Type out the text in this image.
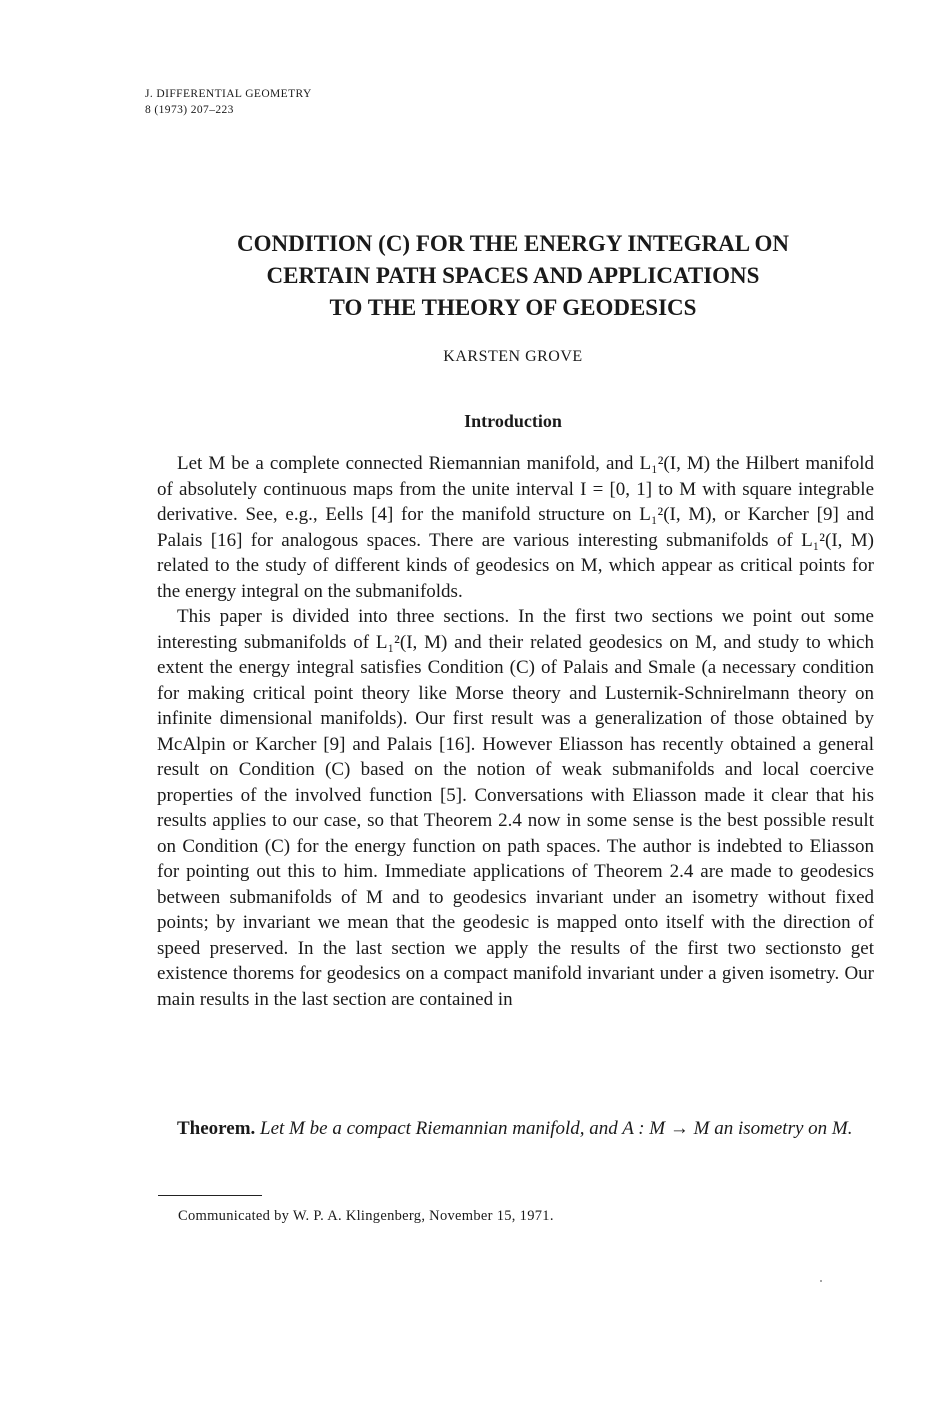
J. DIFFERENTIAL GEOMETRY
8 (1973) 207–223
CONDITION (C) FOR THE ENERGY INTEGRAL ON
CERTAIN PATH SPACES AND APPLICATIONS
TO THE THEORY OF GEODESICS
KARSTEN GROVE
Introduction

Let M be a complete connected Riemannian manifold, and L₁²(I, M) the Hilbert manifold of absolutely continuous maps from the unite interval I = [0, 1] to M with square integrable derivative. See, e.g., Eells [4] for the manifold structure on L₁²(I, M), or Karcher [9] and Palais [16] for analogous spaces. There are various interesting submanifolds of L₁²(I, M) related to the study of different kinds of geodesics on M, which appear as critical points for the energy integral on the submanifolds.

This paper is divided into three sections. In the first two sections we point out some interesting submanifolds of L₁²(I, M) and their related geodesics on M, and study to which extent the energy integral satisfies Condition (C) of Palais and Smale (a necessary condition for making critical point theory like Morse theory and Lusternik-Schnirelmann theory on infinite dimensional manifolds). Our first result was a generalization of those obtained by McAlpin or Karcher [9] and Palais [16]. However Eliasson has recently obtained a general result on Condition (C) based on the notion of weak submanifolds and local coercive properties of the involved function [5]. Conversations with Eliasson made it clear that his results applies to our case, so that Theorem 2.4 now in some sense is the best possible result on Condition (C) for the energy function on path spaces. The author is indebted to Eliasson for pointing out this to him. Immediate applications of Theorem 2.4 are made to geodesics between submanifolds of M and to geodesics invariant under an isometry without fixed points; by invariant we mean that the geodesic is mapped onto itself with the direction of speed preserved. In the last section we apply the results of the first two sectionsto get existence thorems for geodesics on a compact manifold invariant under a given isometry. Our main results in the last section are contained in

Theorem. Let M be a compact Riemannian manifold, and A : M → M an isometry on M.
Communicated by W. P. A. Klingenberg, November 15, 1971.
